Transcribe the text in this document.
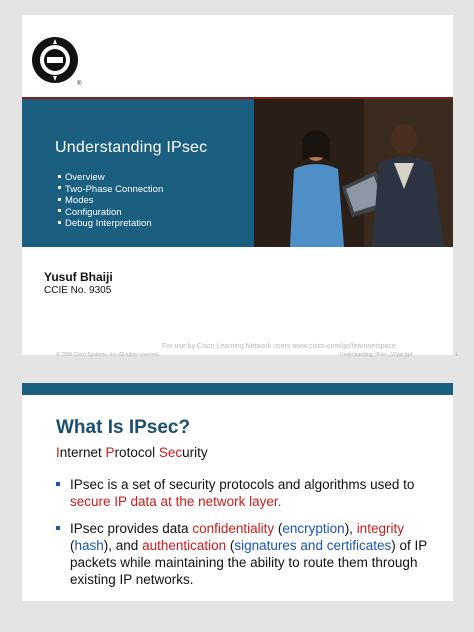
®
Understanding IPsec
Overview
Two-Phase Connection
Modes
Configuration
Debug Interpretation
Yusuf Bhaiji
CCIE No. 9305
For use by Cisco Learning Network users www.cisco.com/go/learnnetspace
© 2006 Cisco Systems, Inc. All rights reserved.	Understanding_IPsec_V2ppt.ppt	1
What Is IPsec?
Internet Protocol Security
IPsec is a set of security protocols and algorithms used to secure IP data at the network layer.
IPsec provides data confidentiality (encryption), integrity (hash), and authentication (signatures and certificates) of IP packets while maintaining the ability to route them through existing IP networks.
